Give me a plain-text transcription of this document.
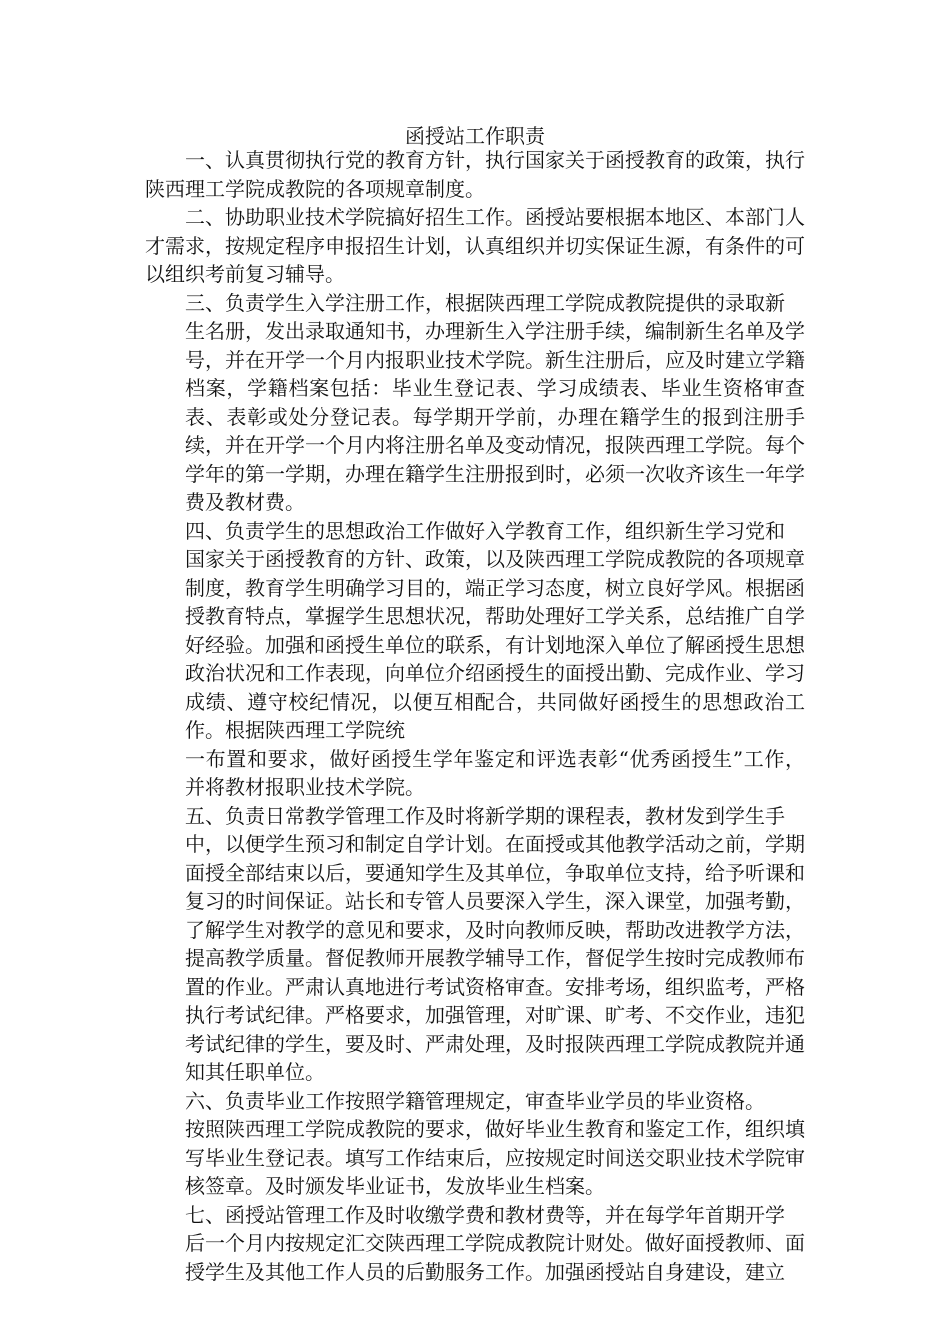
函授站工作职责

一、认真贯彻执行党的教育方针，执行国家关于函授教育的政策，执行陕西理工学院成教院的各项规章制度。

二、协助职业技术学院搞好招生工作。函授站要根据本地区、本部门人才需求，按规定程序申报招生计划，认真组织并切实保证生源，有条件的可以组织考前复习辅导。

三、负责学生入学注册工作，根据陕西理工学院成教院提供的录取新

生名册，发出录取通知书，办理新生入学注册手续，编制新生名单及学号，并在开学一个月内报职业技术学院。新生注册后，应及时建立学籍档案，学籍档案包括：毕业生登记表、学习成绩表、毕业生资格审查表、表彰或处分登记表。每学期开学前，办理在籍学生的报到注册手续，并在开学一个月内将注册名单及变动情况，报陕西理工学院。每个学年的第一学期，办理在籍学生注册报到时，必须一次收齐该生一年学费及教材费。

四、负责学生的思想政治工作做好入学教育工作，组织新生学习党和

国家关于函授教育的方针、政策，以及陕西理工学院成教院的各项规章制度，教育学生明确学习目的，端正学习态度，树立良好学风。根据函授教育特点，掌握学生思想状况，帮助处理好工学关系，总结推广自学好经验。加强和函授生单位的联系，有计划地深入单位了解函授生思想政治状况和工作表现，向单位介绍函授生的面授出勤、完成作业、学习成绩、遵守校纪情况，以便互相配合，共同做好函授生的思想政治工作。根据陕西理工学院统

一布置和要求，做好函授生学年鉴定和评选表彰“优秀函授生”工作，并将教材报职业技术学院。

五、负责日常教学管理工作及时将新学期的课程表，教材发到学生手

中，以便学生预习和制定自学计划。在面授或其他教学活动之前，学期面授全部结束以后，要通知学生及其单位，争取单位支持，给予听课和复习的时间保证。站长和专管人员要深入学生，深入课堂，加强考勤，了解学生对教学的意见和要求，及时向教师反映，帮助改进教学方法，提高教学质量。督促教师开展教学辅导工作，督促学生按时完成教师布置的作业。严肃认真地进行考试资格审查。安排考场，组织监考，严格执行考试纪律。严格要求，加强管理，对旷课、旷考、不交作业，违犯考试纪律的学生，要及时、严肃处理，及时报陕西理工学院成教院并通知其任职单位。

六、负责毕业工作按照学籍管理规定，审查毕业学员的毕业资格。

按照陕西理工学院成教院的要求，做好毕业生教育和鉴定工作，组织填写毕业生登记表。填写工作结束后，应按规定时间送交职业技术学院审核签章。及时颁发毕业证书，发放毕业生档案。

七、函授站管理工作及时收缴学费和教材费等，并在每学年首期开学

后一个月内按规定汇交陕西理工学院成教院计财处。做好面授教师、面授学生及其他工作人员的后勤服务工作。加强函授站自身建设，建立
